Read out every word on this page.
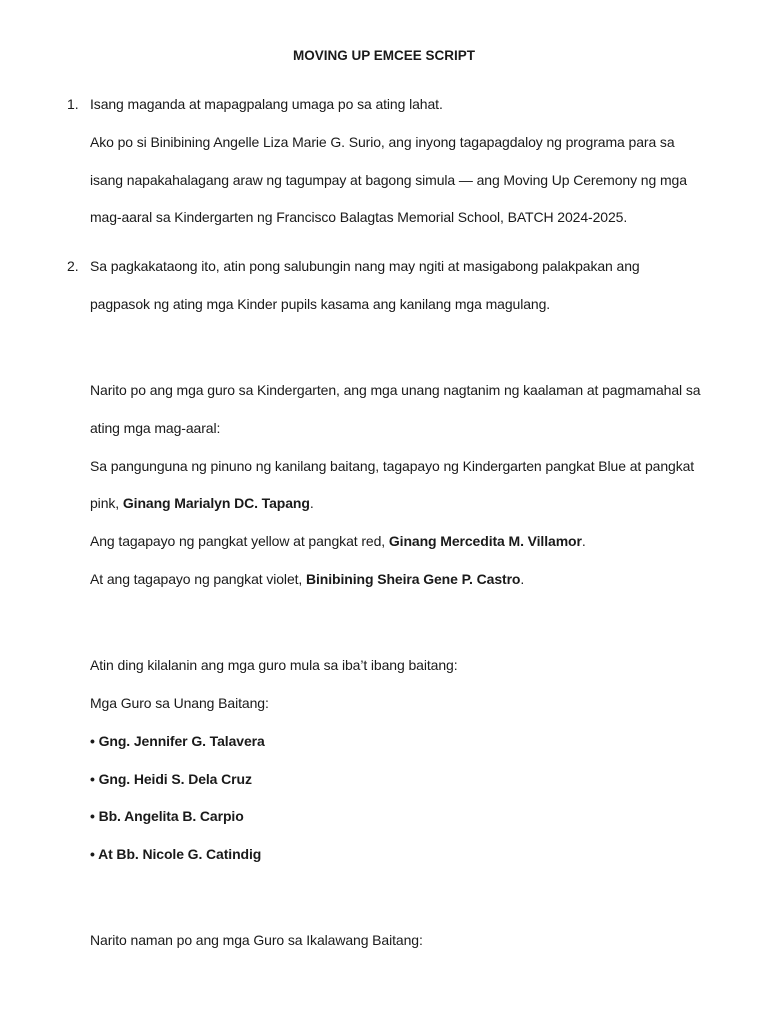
MOVING UP EMCEE SCRIPT
1. Isang maganda at mapagpalang umaga po sa ating lahat.
Ako po si Binibining Angelle Liza Marie G. Surio, ang inyong tagapagdaloy ng programa para sa
isang napakahalagang araw ng tagumpay at bagong simula — ang Moving Up Ceremony ng mga
mag-aaral sa Kindergarten ng Francisco Balagtas Memorial School, BATCH 2024-2025.
2. Sa pagkakataong ito, atin pong salubungin nang may ngiti at masigabong palakpakan ang
pagpasok ng ating mga Kinder pupils kasama ang kanilang mga magulang.
Narito po ang mga guro sa Kindergarten, ang mga unang nagtanim ng kaalaman at pagmamahal sa
ating mga mag-aaral:
Sa pangunguna ng pinuno ng kanilang baitang, tagapayo ng Kindergarten pangkat Blue at pangkat
pink, Ginang Marialyn DC. Tapang.
Ang tagapayo ng pangkat yellow at pangkat red, Ginang Mercedita M. Villamor.
At ang tagapayo ng pangkat violet, Binibining Sheira Gene P. Castro.
Atin ding kilalanin ang mga guro mula sa iba’t ibang baitang:
Mga Guro sa Unang Baitang:
• Gng. Jennifer G. Talavera
• Gng. Heidi S. Dela Cruz
• Bb. Angelita B. Carpio
• At Bb. Nicole G. Catindig
Narito naman po ang mga Guro sa Ikalawang Baitang:
